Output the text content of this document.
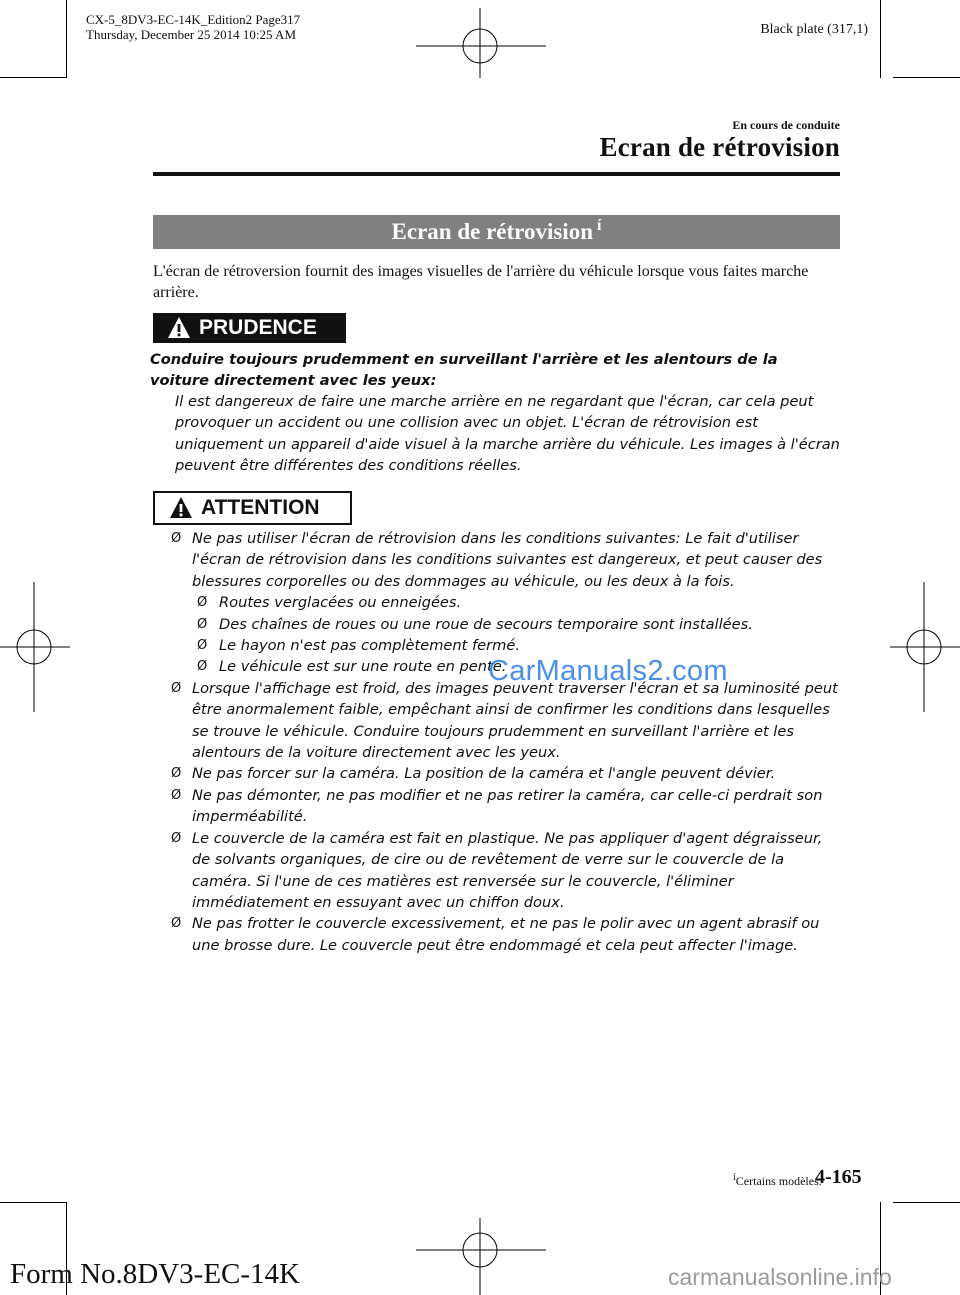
CX-5_8DV3-EC-14K_Edition2 Page317
Thursday, December 25 2014 10:25 AM	Black plate (317,1)
En cours de conduite
Ecran de rétrovision
Ecran de rétrovision í
L'écran de rétroversion fournit des images visuelles de l'arrière du véhicule lorsque vous faites marche arrière.
PRUDENCE
Conduire toujours prudemment en surveillant l'arrière et les alentours de la voiture directement avec les yeux:
Il est dangereux de faire une marche arrière en ne regardant que l'écran, car cela peut provoquer un accident ou une collision avec un objet. L'écran de rétrovision est uniquement un appareil d'aide visuel à la marche arrière du véhicule. Les images à l'écran peuvent être différentes des conditions réelles.
ATTENTION
Ø Ne pas utiliser l'écran de rétrovision dans les conditions suivantes: Le fait d'utiliser l'écran de rétrovision dans les conditions suivantes est dangereux, et peut causer des blessures corporelles ou des dommages au véhicule, ou les deux à la fois.
Ø Routes verglacées ou enneigées.
Ø Des chaînes de roues ou une roue de secours temporaire sont installées.
Ø Le hayon n'est pas complètement fermé.
Ø Le véhicule est sur une route en pente.
Ø Lorsque l'affichage est froid, des images peuvent traverser l'écran et sa luminosité peut être anormalement faible, empêchant ainsi de confirmer les conditions dans lesquelles se trouve le véhicule. Conduire toujours prudemment en surveillant l'arrière et les alentours de la voiture directement avec les yeux.
Ø Ne pas forcer sur la caméra. La position de la caméra et l'angle peuvent dévier.
Ø Ne pas démonter, ne pas modifier et ne pas retirer la caméra, car celle-ci perdrait son imperméabilité.
Ø Le couvercle de la caméra est fait en plastique. Ne pas appliquer d'agent dégraisseur, de solvants organiques, de cire ou de revêtement de verre sur le couvercle de la caméra. Si l'une de ces matières est renversée sur le couvercle, l'éliminer immédiatement en essuyant avec un chiffon doux.
Ø Ne pas frotter le couvercle excessivement, et ne pas le polir avec un agent abrasif ou une brosse dure. Le couvercle peut être endommagé et cela peut affecter l'image.
CarManuals2.com
$^í$Certains modèles.
4-165
Form No.8DV3-EC-14K	carmanualsonline.info
